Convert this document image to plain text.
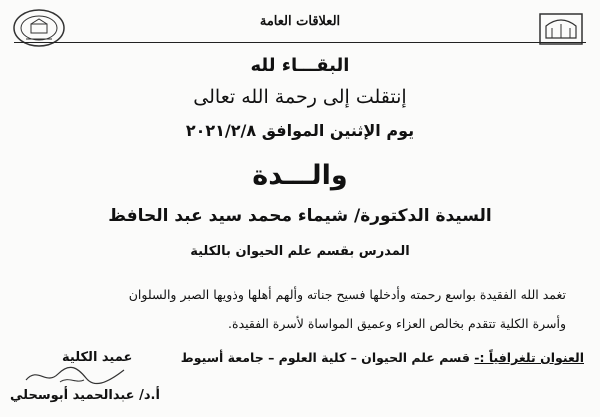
العلاقات العامة
البقـــاء لله
إنتقلت إلى رحمة الله تعالى
يوم الإثنين الموافق ٢٠٢١/٢/٨
والـــدة
السيدة الدكتورة/ شيماء محمد سيد عبد الحافظ
المدرس بقسم علم الحيوان بالكلية
تغمد الله الفقيدة بواسع رحمته وأدخلها فسيح جناته وألهم أهلها وذويها الصبر والسلوان
وأسرة الكلية تتقدم بخالص العزاء وعميق المواساة لأسرة الفقيدة.
العنوان تلغرافياً :- قسم علم الحيوان – كلية العلوم – جامعة أسيوط
عميد الكلية
أ.د/ عبدالحميد أبوسحلي
